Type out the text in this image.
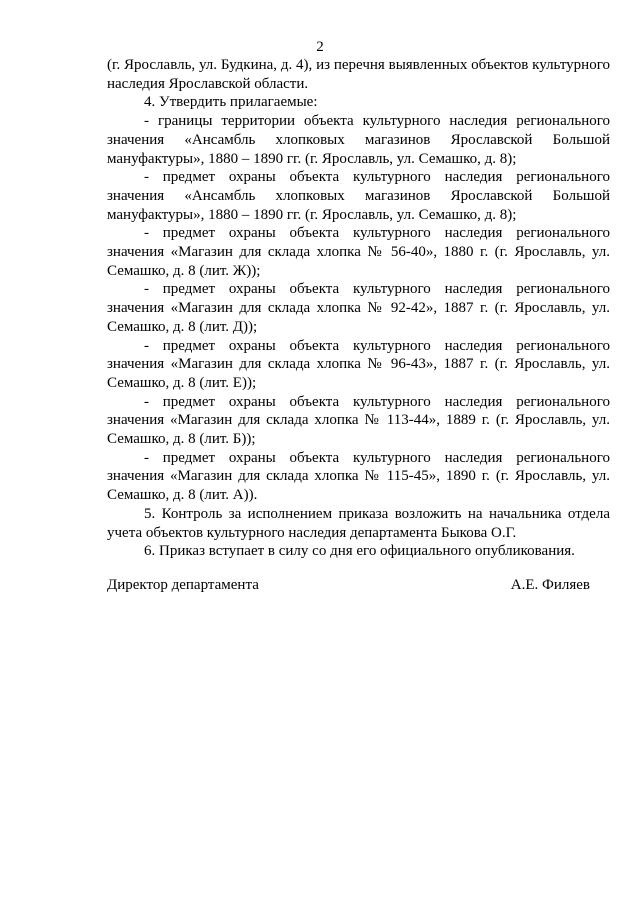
2

(г. Ярославль, ул. Будкина, д. 4), из перечня выявленных объектов культурного наследия Ярославской области.

4. Утвердить прилагаемые:

- границы территории объекта культурного наследия регионального значения «Ансамбль хлопковых магазинов Ярославской Большой мануфактуры», 1880 – 1890 гг. (г. Ярославль, ул. Семашко, д. 8);

- предмет охраны объекта культурного наследия регионального значения «Ансамбль хлопковых магазинов Ярославской Большой мануфактуры», 1880 – 1890 гг. (г. Ярославль, ул. Семашко, д. 8);

- предмет охраны объекта культурного наследия регионального значения «Магазин для склада хлопка № 56-40», 1880 г. (г. Ярославль, ул. Семашко, д. 8 (лит. Ж));

- предмет охраны объекта культурного наследия регионального значения «Магазин для склада хлопка № 92-42», 1887 г. (г. Ярославль, ул. Семашко, д. 8 (лит. Д));

- предмет охраны объекта культурного наследия регионального значения «Магазин для склада хлопка № 96-43», 1887 г. (г. Ярославль, ул. Семашко, д. 8 (лит. Е));

- предмет охраны объекта культурного наследия регионального значения «Магазин для склада хлопка № 113-44», 1889 г. (г. Ярославль, ул. Семашко, д. 8 (лит. Б));

- предмет охраны объекта культурного наследия регионального значения «Магазин для склада хлопка № 115-45», 1890 г. (г. Ярославль, ул. Семашко, д. 8 (лит. А)).

5. Контроль за исполнением приказа возложить на начальника отдела учета объектов культурного наследия департамента Быкова О.Г.

6. Приказ вступает в силу со дня его официального опубликования.

Директор департамента	А.Е. Филяев
